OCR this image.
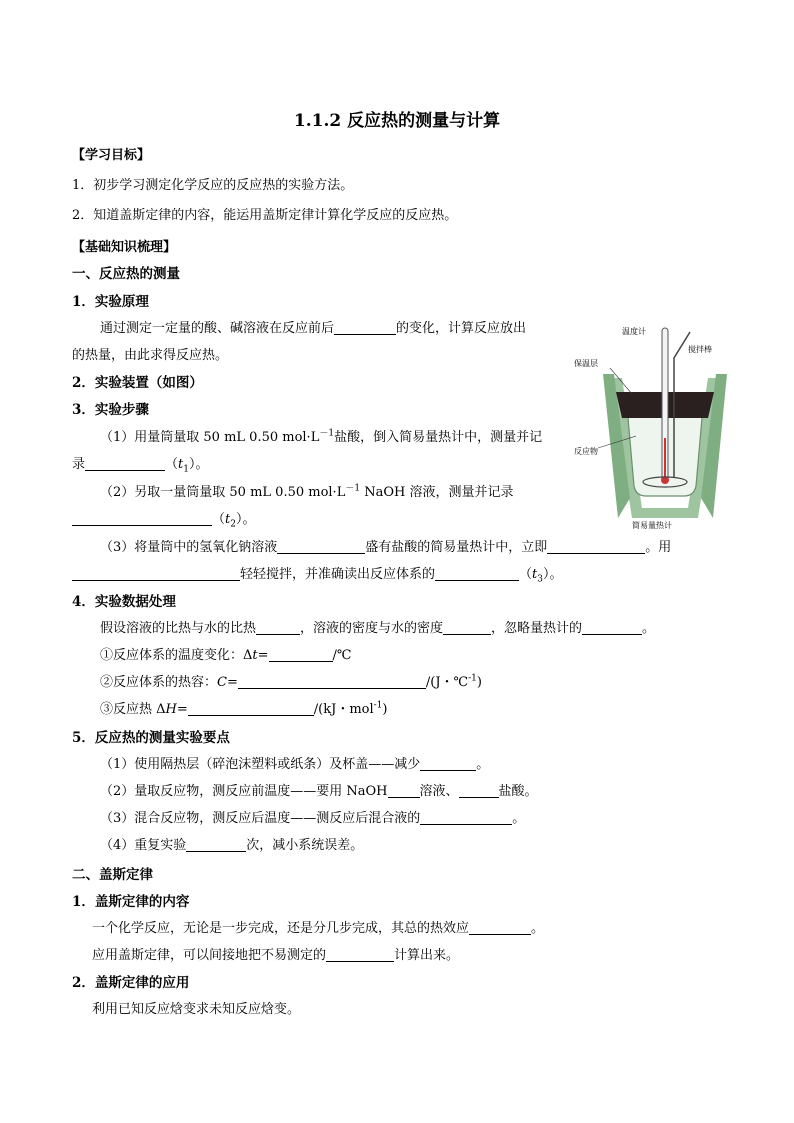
1.1.2 反应热的测量与计算
【学习目标】
1．初步学习测定化学反应的反应热的实验方法。
2．知道盖斯定律的内容，能运用盖斯定律计算化学反应的反应热。
【基础知识梳理】
一、反应热的测量
1．实验原理
通过测定一定量的酸、碱溶液在反应前后	的变化，计算反应放出
的热量，由此求得反应热。
2．实验装置（如图）
3．实验步骤
（1）用量筒量取 50 mL 0.50 $mol\cdot L^{-1}$盐酸，倒入简易量热计中，测量并记
录	$(t_1)$。
（2）另取一量筒量取 50 mL 0.50 $mol\cdot L^{-1}$ NaOH 溶液，测量并记录
$(t_2)$。
（3）将量筒中的氢氧化钠溶液	盛有盐酸的简易量热计中，立即	。用
轻轻搅拌，并准确读出反应体系的	$(t_3)$。
4．实验数据处理
假设溶液的比热与水的比热	，溶液的密度与水的密度	，忽略量热计的	。
①反应体系的温度变化：Δt=	/℃
②反应体系的热容：C=	/(J・℃$^{-1}$)
③反应热 ΔH=	/(kJ・mol$^{-1}$)
5．反应热的测量实验要点
（1）使用隔热层（碎泡沫塑料或纸条）及杯盖——减少	。
（2）量取反应物，测反应前温度——要用 NaOH 溶液、	盐酸。
（3）混合反应物，测反应后温度——测反应后混合液的	。
（4）重复实验	次，减小系统误差。
二、盖斯定律
1．盖斯定律的内容
一个化学反应，无论是一步完成，还是分几步完成，其总的热效应	。
应用盖斯定律，可以间接地把不易测定的	计算出来。
2．盖斯定律的应用
利用已知反应焓变求未知反应焓变。
温度计
搅拌棒
保温层
反应物
简易量热计
